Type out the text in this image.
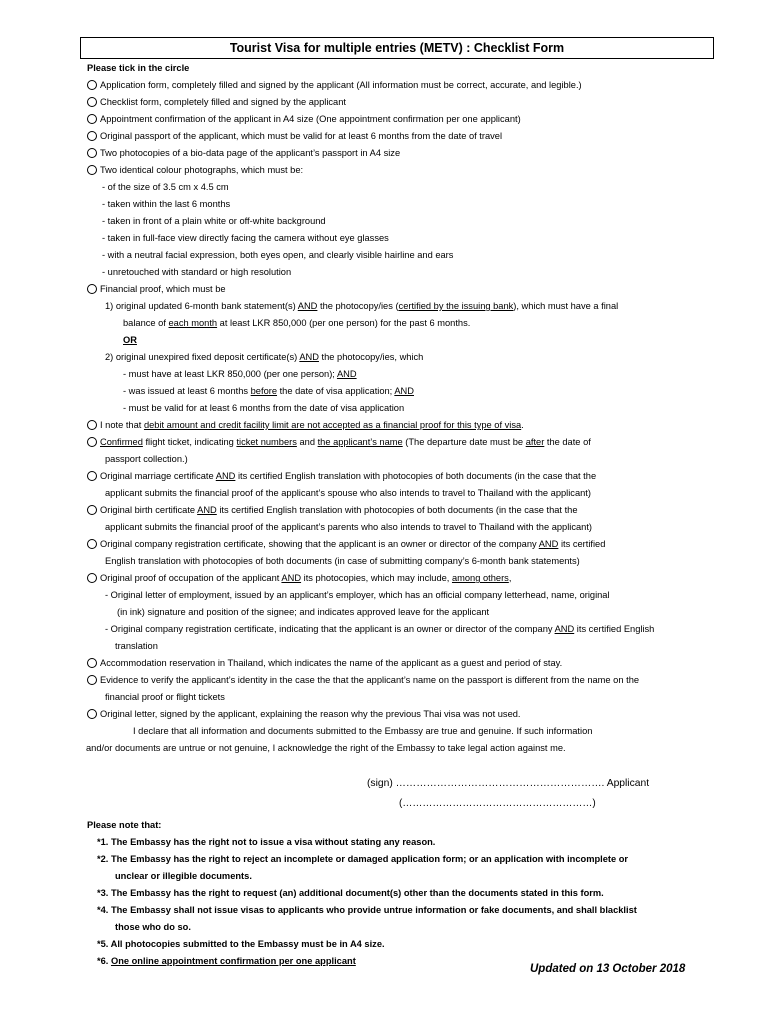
Tourist Visa for multiple entries (METV) : Checklist Form
Please tick in the circle
Application form, completely filled and signed by the applicant (All information must be correct, accurate, and legible.)
Checklist form, completely filled and signed by the applicant
Appointment confirmation of the applicant in A4 size (One appointment confirmation per one applicant)
Original passport of the applicant, which must be valid for at least 6 months from the date of travel
Two photocopies of a bio-data page of the applicant’s passport in A4 size
Two identical colour photographs, which must be:
- of the size of 3.5 cm x 4.5 cm
- taken within the last 6 months
- taken in front of a plain white or off-white background
- taken in full-face view directly facing the camera without eye glasses
- with a neutral facial expression, both eyes open, and clearly visible hairline and ears
- unretouched with standard or high resolution
Financial proof, which must be
1) original updated 6-month bank statement(s) AND the photocopy/ies (certified by the issuing bank), which must have a final
balance of each month at least LKR 850,000 (per one person) for the past 6 months.
OR
2) original unexpired fixed deposit certificate(s) AND the photocopy/ies, which
- must have at least LKR 850,000 (per one person); AND
- was issued at least 6 months before the date of visa application; AND
- must be valid for at least 6 months from the date of visa application
I note that debit amount and credit facility limit are not accepted as a financial proof for this type of visa.
Confirmed flight ticket, indicating ticket numbers and the applicant’s name (The departure date must be after the date of
passport collection.)
Original marriage certificate AND its certified English translation with photocopies of both documents (in the case that the
applicant submits the financial proof of the applicant’s spouse who also intends to travel to Thailand with the applicant)
Original birth certificate AND its certified English translation with photocopies of both documents (in the case that the
applicant submits the financial proof of the applicant’s parents who also intends to travel to Thailand with the applicant)
Original company registration certificate, showing that the applicant is an owner or director of the company AND its certified
English translation with photocopies of both documents (in case of submitting company’s 6-month bank statements)
Original proof of occupation of the applicant AND its photocopies, which may include, among others,
- Original letter of employment, issued by an applicant’s employer, which has an official company letterhead, name, original
(in ink) signature and position of the signee; and indicates approved leave for the applicant
- Original company registration certificate, indicating that the applicant is an owner or director of the company AND its certified English
translation
Accommodation reservation in Thailand, which indicates the name of the applicant as a guest and period of stay.
Evidence to verify the applicant’s identity in the case the that the applicant’s name on the passport is different from the name on the
financial proof or flight tickets
Original letter, signed by the applicant, explaining the reason why the previous Thai visa was not used.
I declare that all information and documents submitted to the Embassy are true and genuine. If such information
and/or documents are untrue or not genuine, I acknowledge the right of the Embassy to take legal action against me.
(sign) ……………………………………………………. Applicant
(…………………………………………………)
Please note that:
*1. The Embassy has the right not to issue a visa without stating any reason.
*2. The Embassy has the right to reject an incomplete or damaged application form; or an application with incomplete or
unclear or illegible documents.
*3. The Embassy has the right to request (an) additional document(s) other than the documents stated in this form.
*4. The Embassy shall not issue visas to applicants who provide untrue information or fake documents, and shall blacklist
those who do so.
*5. All photocopies submitted to the Embassy must be in A4 size.
*6. One online appointment confirmation per one applicant
Updated on 13 October 2018
